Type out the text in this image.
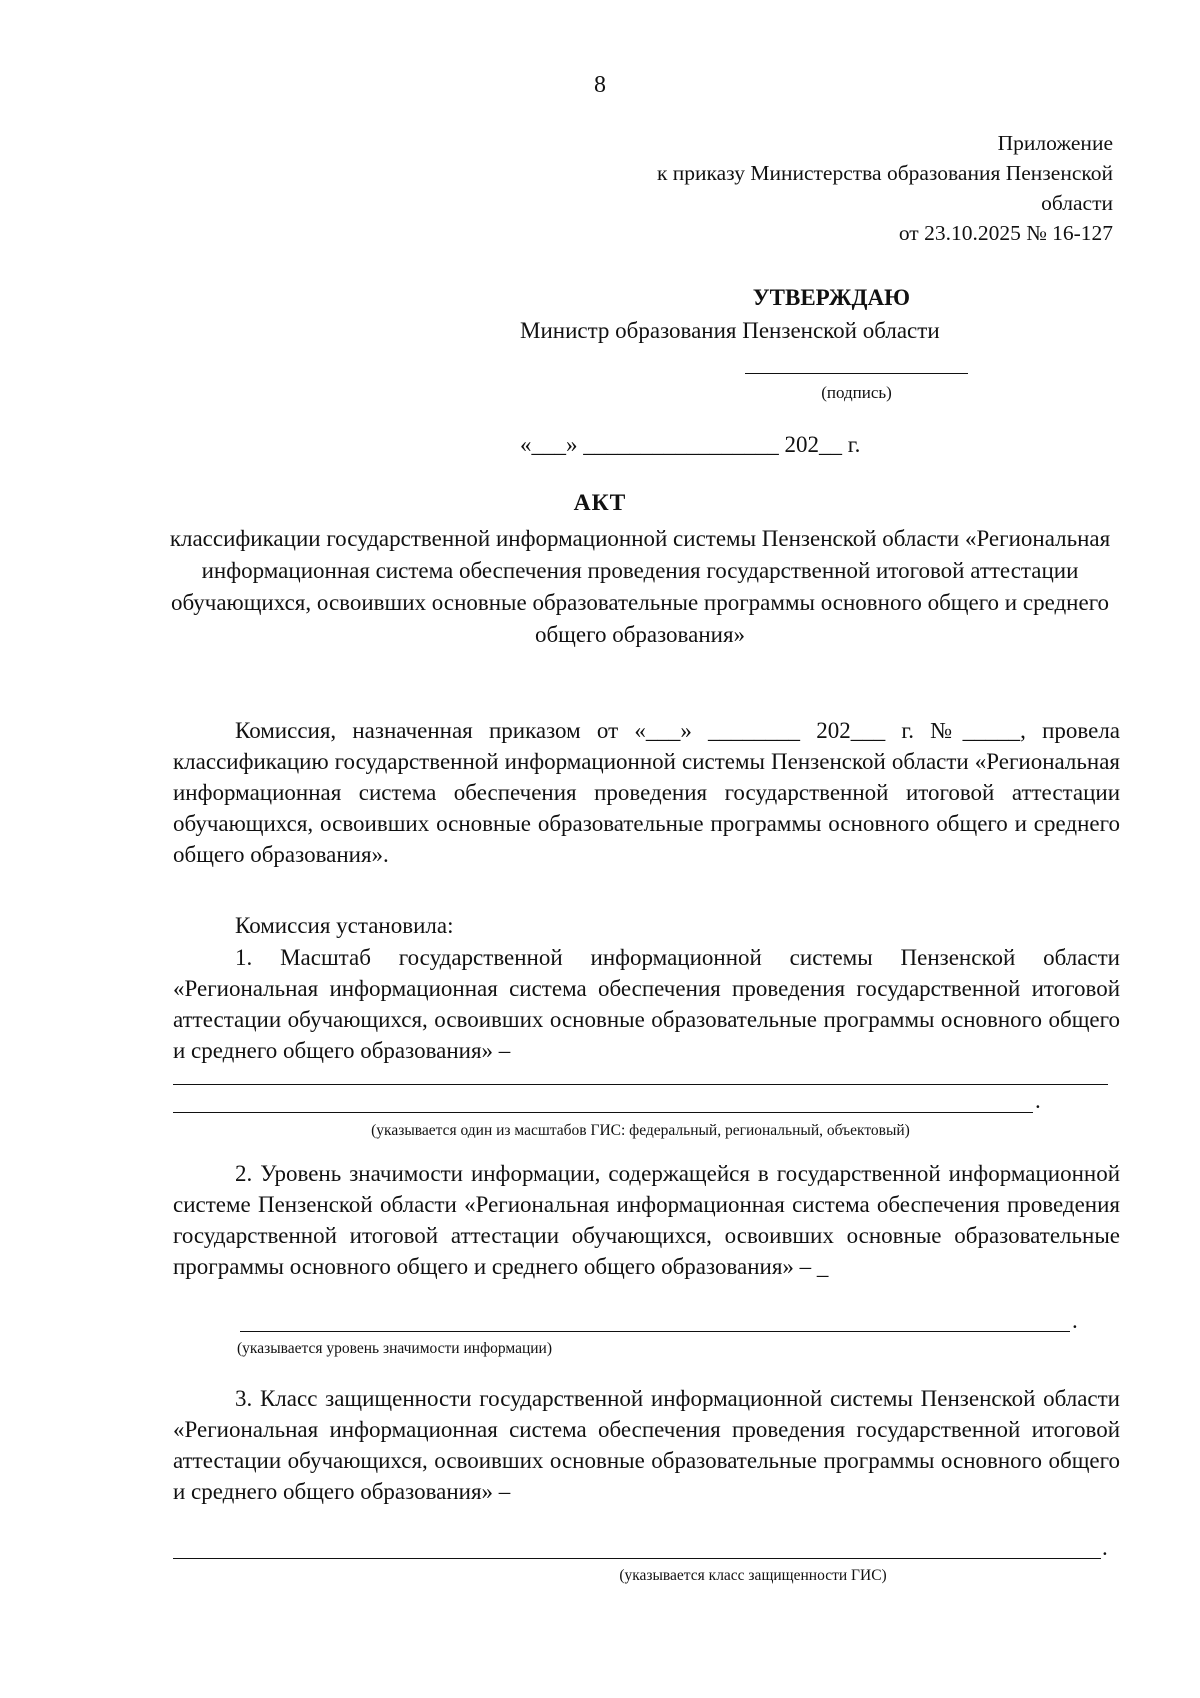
8
Приложение
к приказу Министерства образования Пензенской
области
от 23.10.2025 № 16-127
УТВЕРЖДАЮ
Министр образования Пензенской области
(подпись)
«___» _________________ 202__ г.
АКТ
классификации государственной информационной системы Пензенской области «Региональная информационная система обеспечения проведения государственной итоговой аттестации обучающихся, освоивших основные образовательные программы основного общего и среднего общего образования»
Комиссия, назначенная приказом от «___» ________ 202___ г. №_____, провела классификацию государственной информационной системы Пензенской области «Региональная информационная система обеспечения проведения государственной итоговой аттестации обучающихся, освоивших основные образовательные программы основного общего и среднего общего образования».
Комиссия установила:
1. Масштаб государственной информационной системы Пензенской области «Региональная информационная система обеспечения проведения государственной итоговой аттестации обучающихся, освоивших основные образовательные программы основного общего и среднего общего образования» –
.
(указывается один из масштабов ГИС: федеральный, региональный, объектовый)
2. Уровень значимости информации, содержащейся в государственной информационной системе Пензенской области «Региональная информационная система обеспечения проведения государственной итоговой аттестации обучающихся, освоивших основные образовательные программы основного общего и среднего общего образования» – _
.
(указывается уровень значимости информации)
3. Класс защищенности государственной информационной системы Пензенской области «Региональная информационная система обеспечения проведения государственной итоговой аттестации обучающихся, освоивших основные образовательные программы основного общего и среднего общего образования» –
.
(указывается класс защищенности ГИС)
